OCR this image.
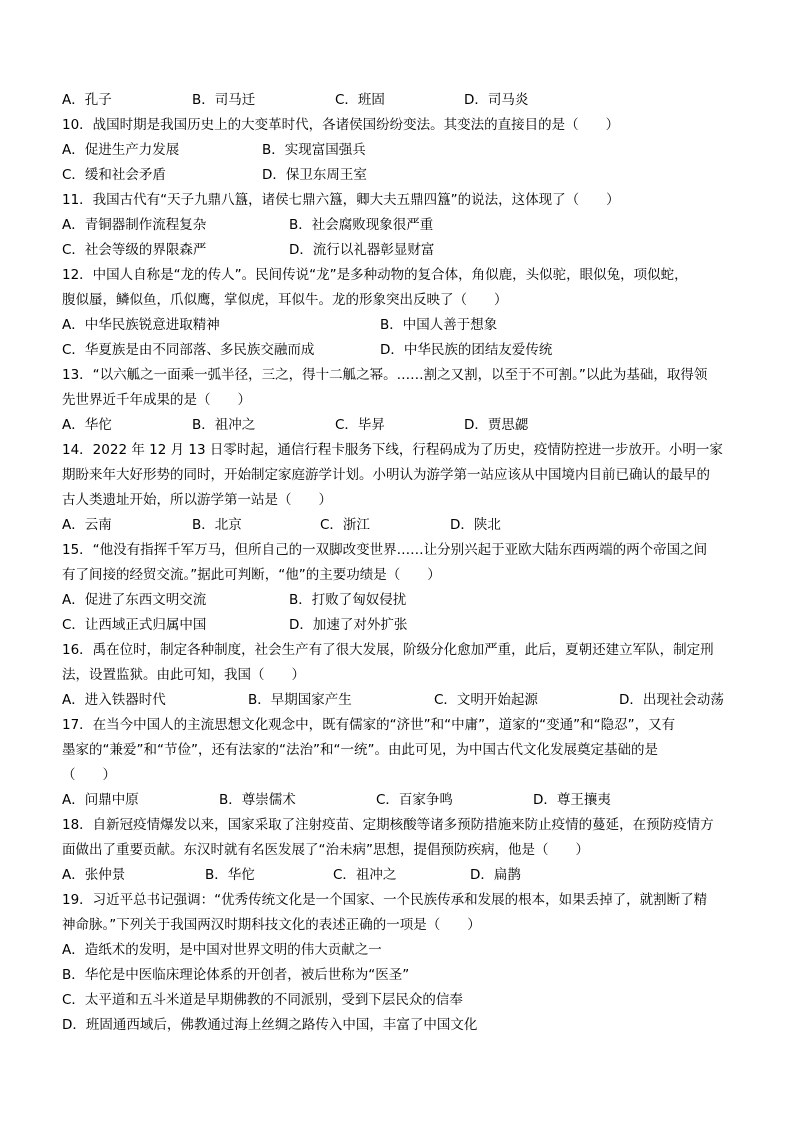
A．孔子	B．司马迁	C．班固	D．司马炎
10．战国时期是我国历史上的大变革时代，各诸侯国纷纷变法。其变法的直接目的是（　　）
A．促进生产力发展	B．实现富国强兵
C．缓和社会矛盾	D．保卫东周王室
11．我国古代有“天子九鼎八簋，诸侯七鼎六簋，卿大夫五鼎四簋”的说法，这体现了（　　）
A．青铜器制作流程复杂	B．社会腐败现象很严重
C．社会等级的界限森严	D．流行以礼器彰显财富
12．中国人自称是“龙的传人”。民间传说“龙”是多种动物的复合体，角似鹿，头似驼，眼似兔，项似蛇，
腹似蜃，鳞似鱼，爪似鹰，掌似虎，耳似牛。龙的形象突出反映了（　　）
A．中华民族锐意进取精神	B．中国人善于想象
C．华夏族是由不同部落、多民族交融而成	D．中华民族的团结友爱传统
13．“以六觚之一面乘一弧半径，三之，得十二觚之幂。……割之又割，以至于不可割。”以此为基础，取得领
先世界近千年成果的是（　　）
A．华佗	B．祖冲之	C．毕昇	D．贾思勰
14．2022 年 12 月 13 日零时起，通信行程卡服务下线，行程码成为了历史，疫情防控进一步放开。小明一家
期盼来年大好形势的同时，开始制定家庭游学计划。小明认为游学第一站应该从中国境内目前已确认的最早的
古人类遗址开始，所以游学第一站是（　　）
A．云南	B．北京	C．浙江	D．陕北
15．“他没有指挥千军万马，但所自己的一双脚改变世界……让分别兴起于亚欧大陆东西两端的两个帝国之间
有了间接的经贸交流。”据此可判断，“他”的主要功绩是（　　）
A．促进了东西文明交流	B．打败了匈奴侵扰
C．让西域正式归属中国	D．加速了对外扩张
16．禹在位时，制定各种制度，社会生产有了很大发展，阶级分化愈加严重，此后，夏朝还建立军队，制定刑
法，设置监狱。由此可知，我国（　　）
A．进入铁器时代	B．早期国家产生	C．文明开始起源	D．出现社会动荡
17．在当今中国人的主流思想文化观念中，既有儒家的“济世”和“中庸”，道家的“变通”和“隐忍”，又有
墨家的“兼爱”和“节俭”，还有法家的“法治”和“一统”。由此可见，为中国古代文化发展奠定基础的是
（　　）
A．问鼎中原	B．尊崇儒术	C．百家争鸣	D．尊王攘夷
18．自新冠疫情爆发以来，国家采取了注射疫苗、定期核酸等诸多预防措施来防止疫情的蔓延，在预防疫情方
面做出了重要贡献。东汉时就有名医发展了“治未病”思想，提倡预防疾病，他是（　　）
A．张仲景	B．华佗	C．祖冲之	D．扁鹊
19．习近平总书记强调：“优秀传统文化是一个国家、一个民族传承和发展的根本，如果丢掉了，就割断了精
神命脉。”下列关于我国两汉时期科技文化的表述正确的一项是（　　）
A．造纸术的发明，是中国对世界文明的伟大贡献之一
B．华佗是中医临床理论体系的开创者，被后世称为“医圣”
C．太平道和五斗米道是早期佛教的不同派别，受到下层民众的信奉
D．班固通西域后，佛教通过海上丝绸之路传入中国，丰富了中国文化
